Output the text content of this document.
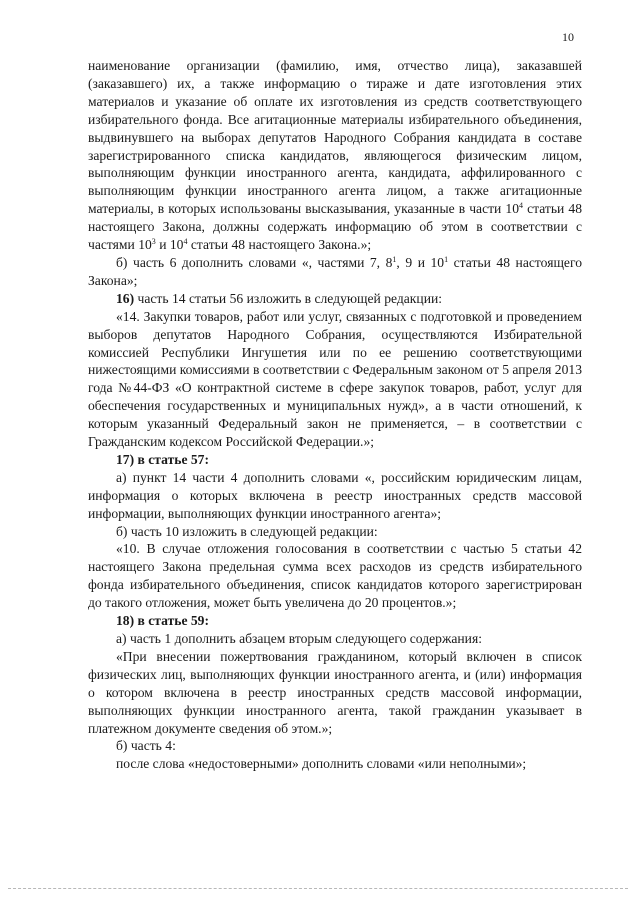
10

наименование организации (фамилию, имя, отчество лица), заказавшей (заказавшего) их, а также информацию о тираже и дате изготовления этих материалов и указание об оплате их изготовления из средств соответствующего избирательного фонда. Все агитационные материалы избирательного объединения, выдвинувшего на выборах депутатов Народного Собрания кандидата в составе зарегистрированного списка кандидатов, являющегося физическим лицом, выполняющим функции иностранного агента, кандидата, аффилированного с выполняющим функции иностранного агента лицом, а также агитационные материалы, в которых использованы высказывания, указанные в части $10^4$ статьи 48 настоящего Закона, должны содержать информацию об этом в соответствии с частями $10^3$ и $10^4$ статьи 48 настоящего Закона.»;

б) часть 6 дополнить словами «, частями 7, $8^1$, 9 и $10^1$ статьи 48 настоящего Закона»;

16) часть 14 статьи 56 изложить в следующей редакции:

«14. Закупки товаров, работ или услуг, связанных с подготовкой и проведением выборов депутатов Народного Собрания, осуществляются Избирательной комиссией Республики Ингушетия или по ее решению соответствующими нижестоящими комиссиями в соответствии с Федеральным законом от 5 апреля 2013 года №44-ФЗ «О контрактной системе в сфере закупок товаров, работ, услуг для обеспечения государственных и муниципальных нужд», а в части отношений, к которым указанный Федеральный закон не применяется, – в соответствии с Гражданским кодексом Российской Федерации.»;

17) в статье 57:

а) пункт 14 части 4 дополнить словами «, российским юридическим лицам, информация о которых включена в реестр иностранных средств массовой информации, выполняющих функции иностранного агента»;

б) часть 10 изложить в следующей редакции:

«10. В случае отложения голосования в соответствии с частью 5 статьи 42 настоящего Закона предельная сумма всех расходов из средств избирательного фонда избирательного объединения, список кандидатов которого зарегистрирован до такого отложения, может быть увеличена до 20 процентов.»;

18) в статье 59:

а) часть 1 дополнить абзацем вторым следующего содержания:

«При внесении пожертвования гражданином, который включен в список физических лиц, выполняющих функции иностранного агента, и (или) информация о котором включена в реестр иностранных средств массовой информации, выполняющих функции иностранного агента, такой гражданин указывает в платежном документе сведения об этом.»;

б) часть 4:

после слова «недостоверными» дополнить словами «или неполными»;
